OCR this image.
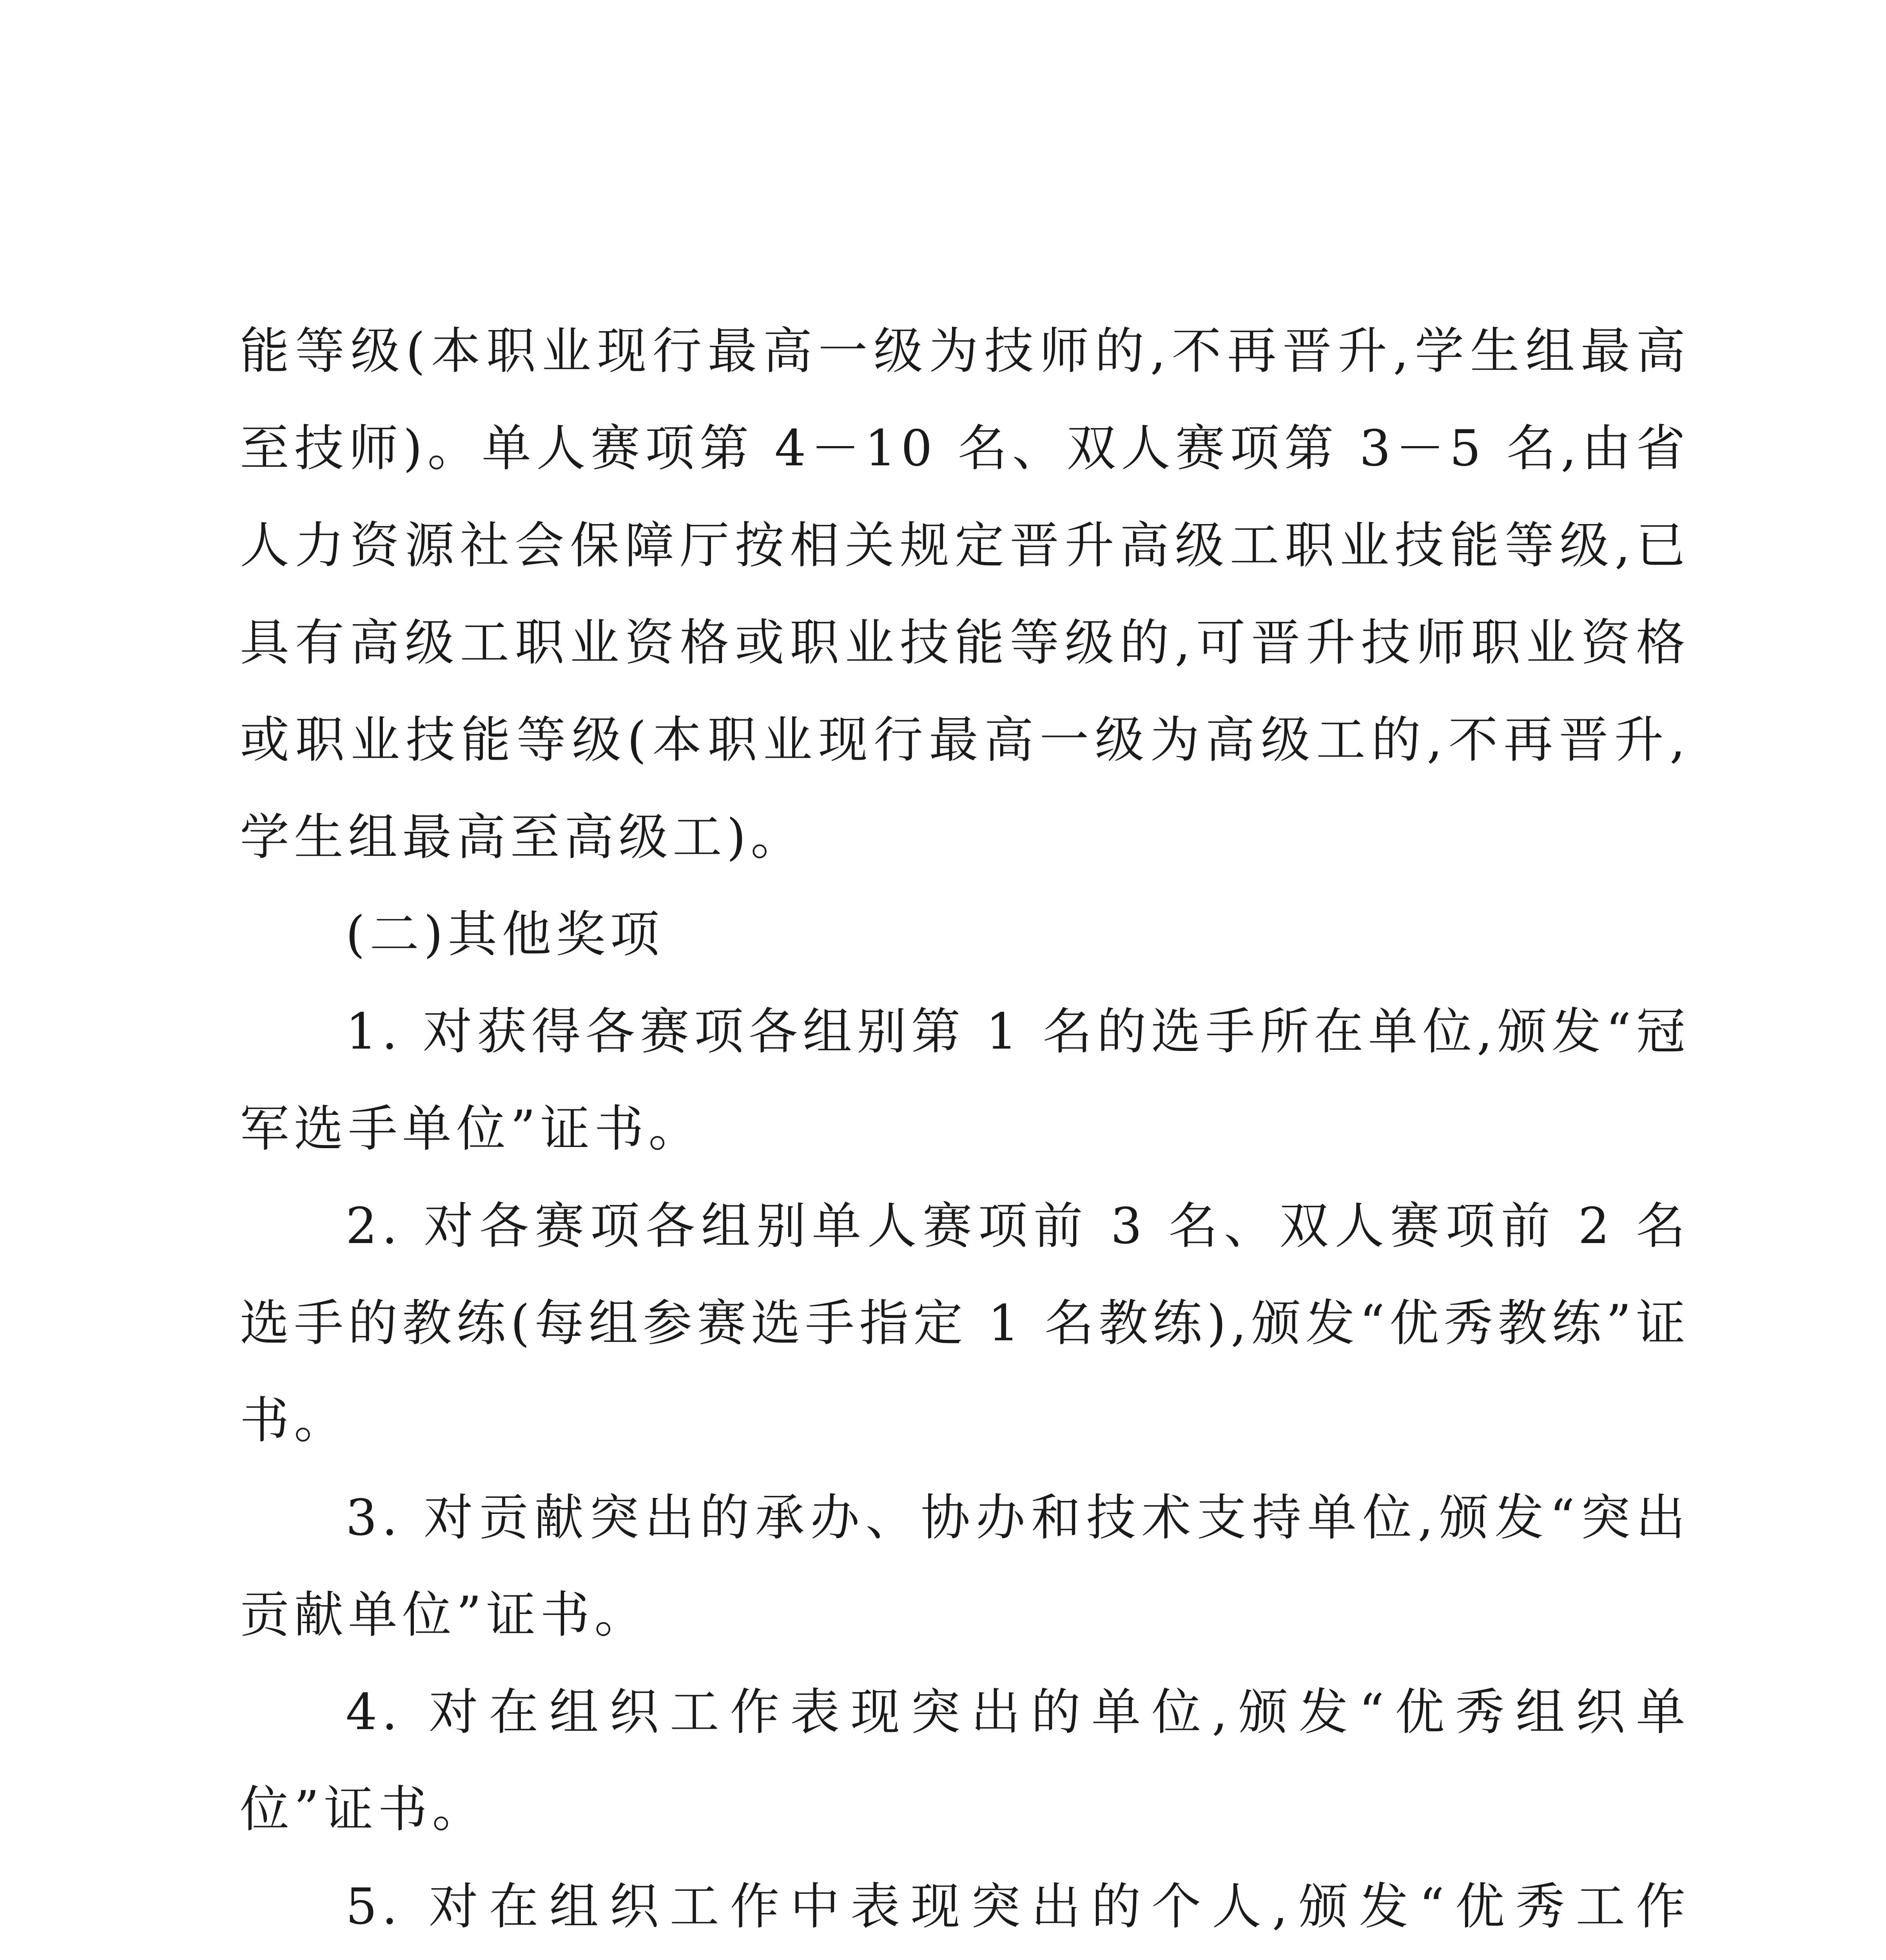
能等级(本职业现行最高一级为技师的,不再晋升,学生组最高至技师)。单人赛项第 4－10 名、双人赛项第 3－5 名,由省人力资源社会保障厅按相关规定晋升高级工职业技能等级,已具有高级工职业资格或职业技能等级的,可晋升技师职业资格或职业技能等级(本职业现行最高一级为高级工的,不再晋升,学生组最高至高级工)。

(二)其他奖项

1. 对获得各赛项各组别第 1 名的选手所在单位,颁发“冠军选手单位”证书。

2. 对各赛项各组别单人赛项前 3 名、双人赛项前 2 名选手的教练(每组参赛选手指定 1 名教练),颁发“优秀教练”证书。

3. 对贡献突出的承办、协办和技术支持单位,颁发“突出贡献单位”证书。

4. 对在组织工作表现突出的单位,颁发“优秀组织单位”证书。

5. 对在组织工作中表现突出的个人,颁发“优秀工作
